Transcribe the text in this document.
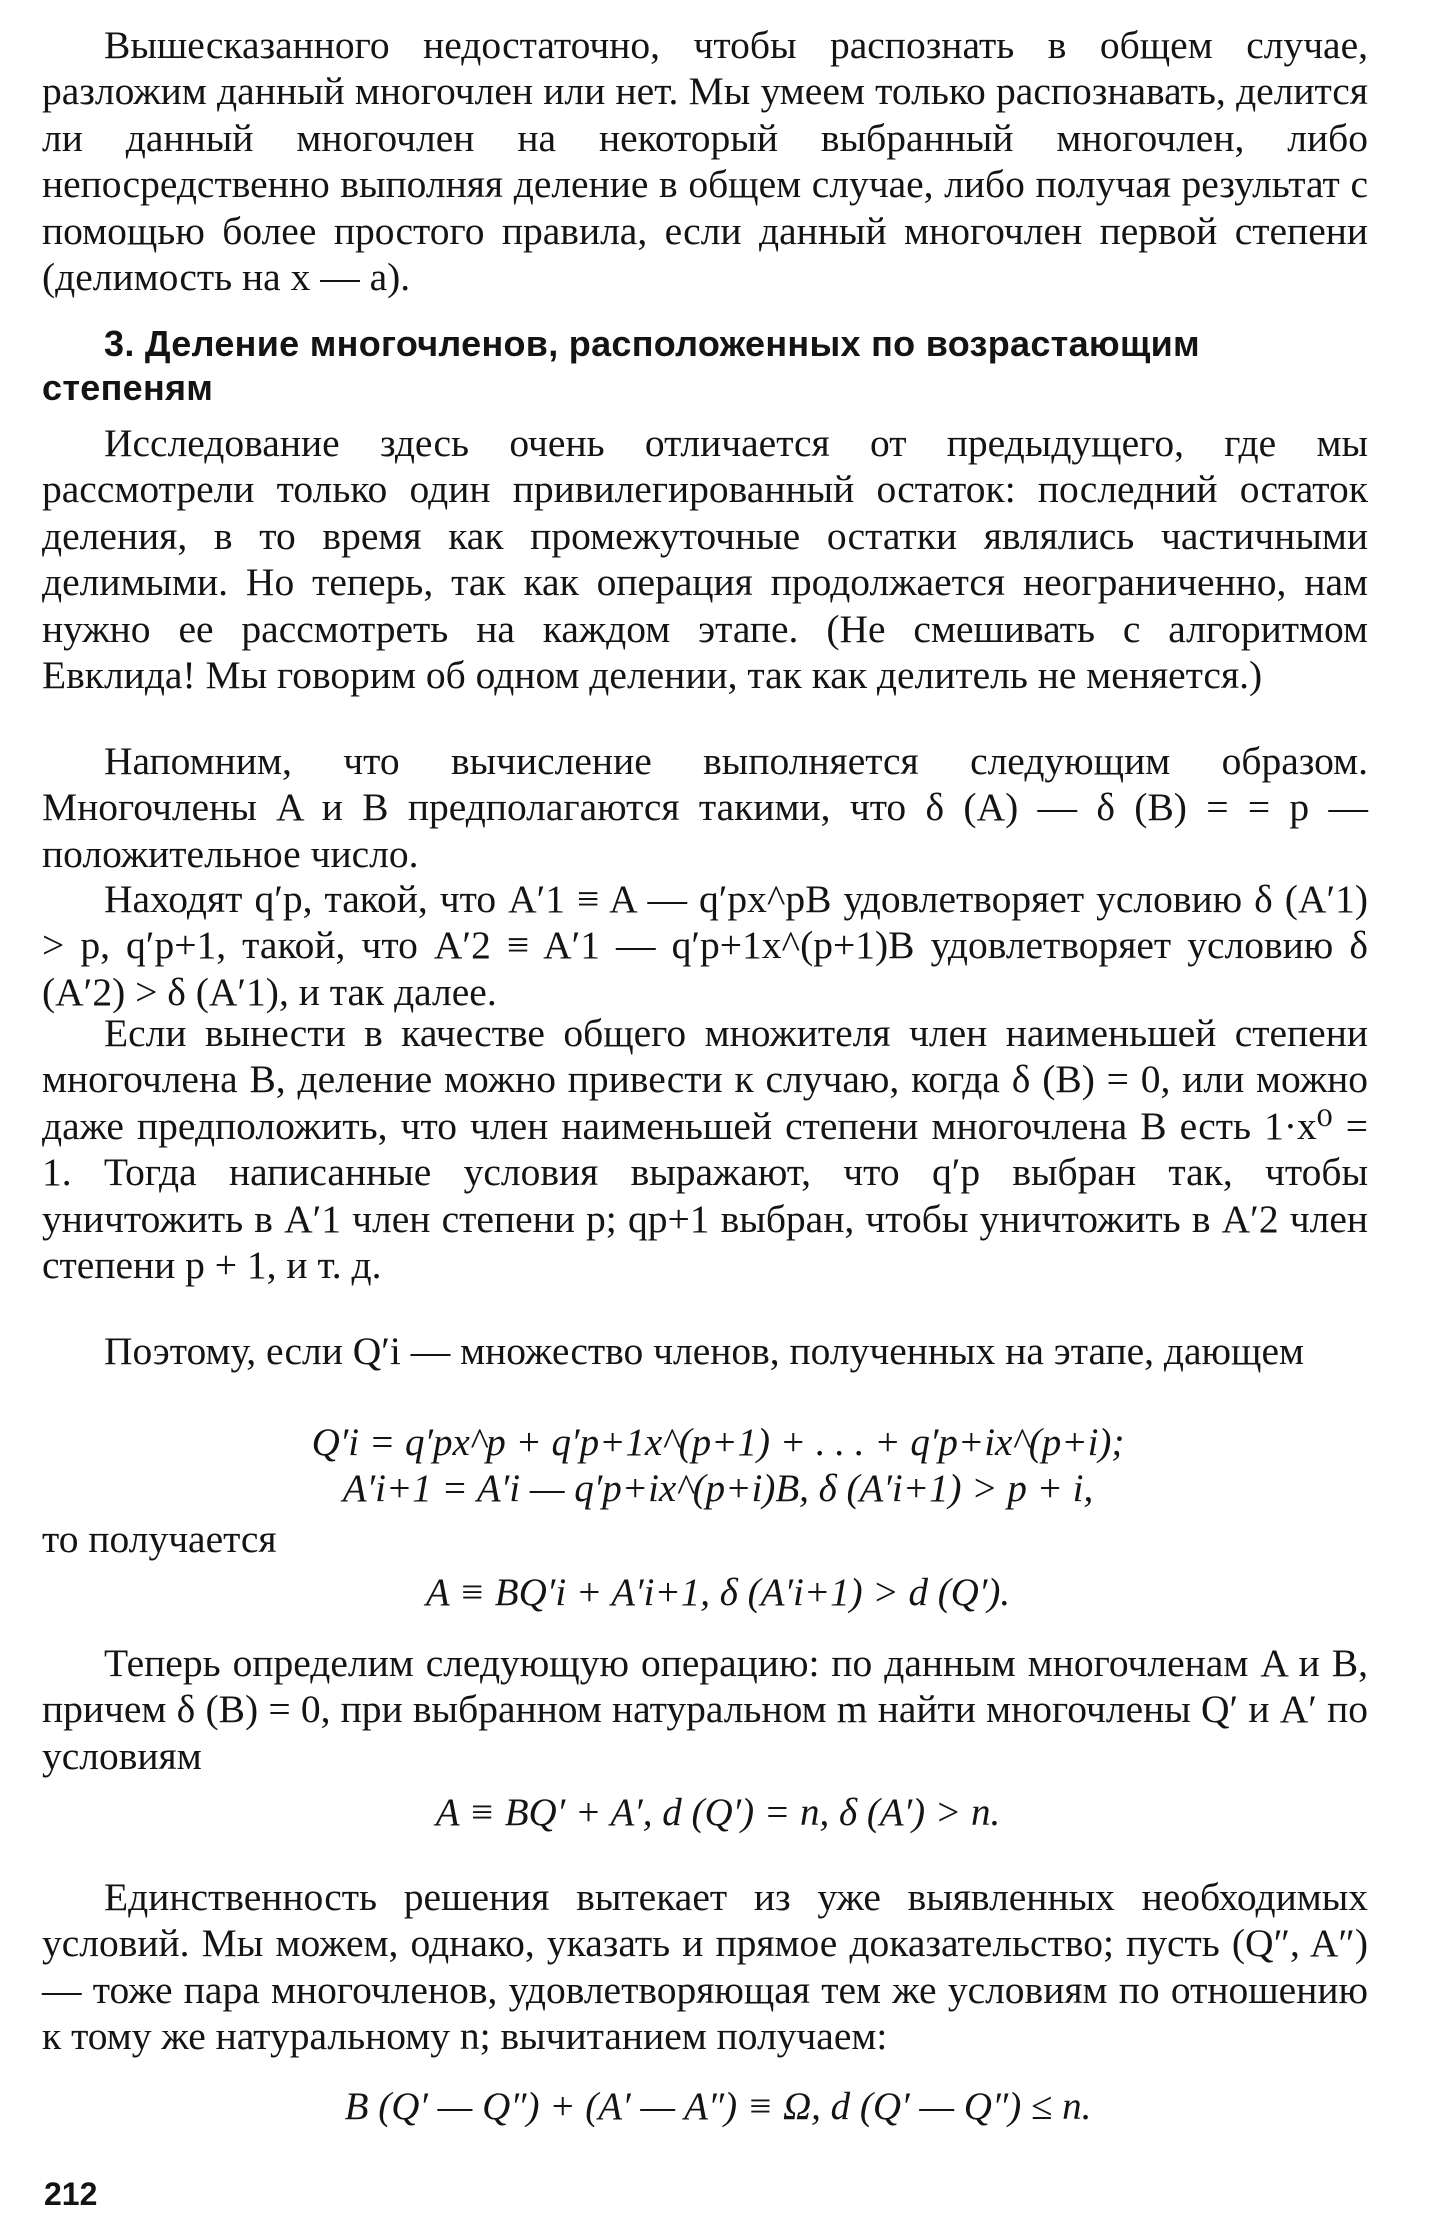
Вышесказанного недостаточно, чтобы распознать в общем случае, разложим данный многочлен или нет. Мы умеем только распознавать, делится ли данный многочлен на некоторый выбранный многочлен, либо непосредственно выполняя деление в общем случае, либо получая результат с помощью более простого правила, если данный многочлен первой степени (делимость на x — a).

3. Деление многочленов, расположенных по возрастающим степеням

Исследование здесь очень отличается от предыдущего, где мы рассмотрели только один привилегированный остаток: последний остаток деления, в то время как промежуточные остатки являлись частичными делимыми. Но теперь, так как операция продолжается неограниченно, нам нужно ее рассмотреть на каждом этапе. (Не смешивать с алгоритмом Евклида! Мы говорим об одном делении, так как делитель не меняется.)

Напомним, что вычисление выполняется следующим образом. Многочлены A и B предполагаются такими, что δ (A) — δ (B) = = p — положительное число.

Находят q′p, такой, что A′1 ≡ A — q′px^pB удовлетворяет условию δ (A′1) > p, q′p+1, такой, что A′2 ≡ A′1 — q′p+1x^(p+1)B удовлетворяет условию δ (A′2) > δ (A′1), и так далее.

Если вынести в качестве общего множителя член наименьшей степени многочлена B, деление можно привести к случаю, когда δ (B) = 0, или можно даже предположить, что член наименьшей степени многочлена B есть 1·x⁰ = 1. Тогда написанные условия выражают, что q′p выбран так, чтобы уничтожить в A′1 член степени p; qp+1 выбран, чтобы уничтожить в A′2 член степени p + 1, и т. д.

Поэтому, если Q′i — множество членов, полученных на этапе, дающем

Q′i = q′px^p + q′p+1x^(p+1) + . . . + q′p+ix^(p+i);

A′i+1 = A′i — q′p+ix^(p+i)B, δ (A′i+1) > p + i,

то получается

A ≡ BQ′i + A′i+1, δ (A′i+1) > d (Q′).

Теперь определим следующую операцию: по данным многочленам A и B, причем δ (B) = 0, при выбранном натуральном m найти многочлены Q′ и A′ по условиям

A ≡ BQ′ + A′, d (Q′) = n, δ (A′) > n.

Единственность решения вытекает из уже выявленных необходимых условий. Мы можем, однако, указать и прямое доказательство; пусть (Q″, A″) — тоже пара многочленов, удовлетворяющая тем же условиям по отношению к тому же натуральному n; вычитанием получаем:

B (Q′ — Q″) + (A′ — A″) ≡ Ω, d (Q′ — Q″) ≤ n.

212
